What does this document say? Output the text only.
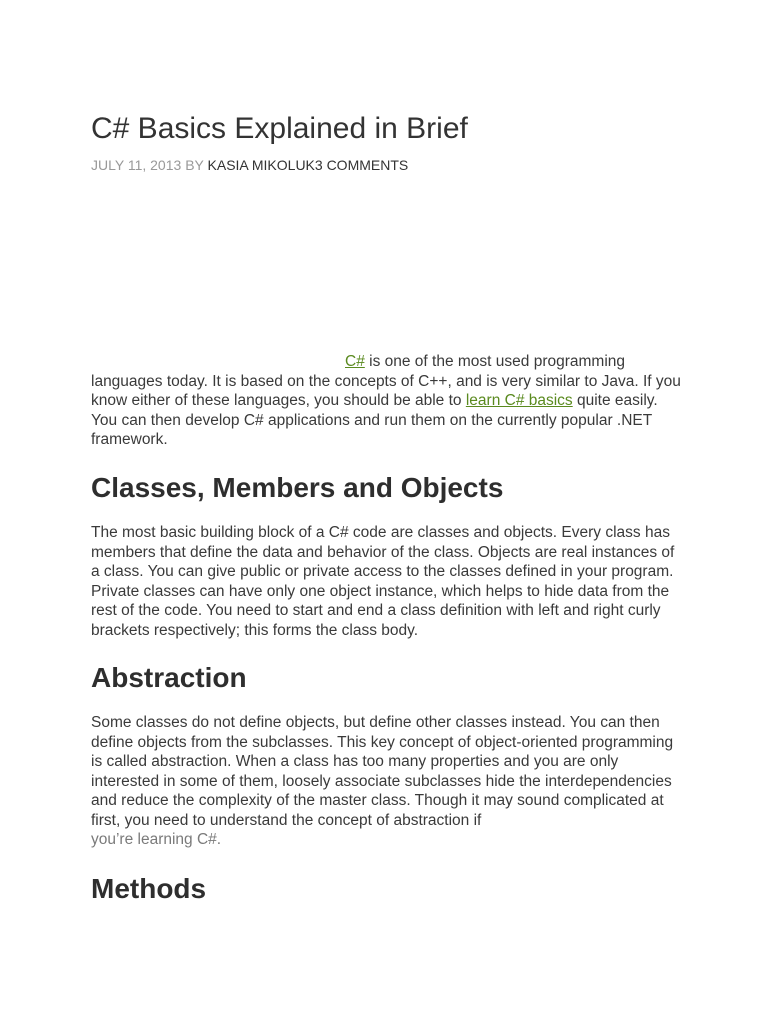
C# Basics Explained in Brief
JULY 11, 2013 BY KASIA MIKOLUK3 COMMENTS

C# is one of the most used programming languages today. It is based on the concepts of C++, and is very similar to Java. If you know either of these languages, you should be able to learn C# basics quite easily. You can then develop C# applications and run them on the currently popular .NET framework.

Classes, Members and Objects

The most basic building block of a C# code are classes and objects. Every class has members that define the data and behavior of the class. Objects are real instances of a class. You can give public or private access to the classes defined in your program. Private classes can have only one object instance, which helps to hide data from the rest of the code. You need to start and end a class definition with left and right curly brackets respectively; this forms the class body.

Abstraction

Some classes do not define objects, but define other classes instead. You can then define objects from the subclasses. This key concept of object-oriented programming is called abstraction. When a class has too many properties and you are only interested in some of them, loosely associate subclasses hide the interdependencies and reduce the complexity of the master class. Though it may sound complicated at first, you need to understand the concept of abstraction if
you’re learning C#.

Methods
